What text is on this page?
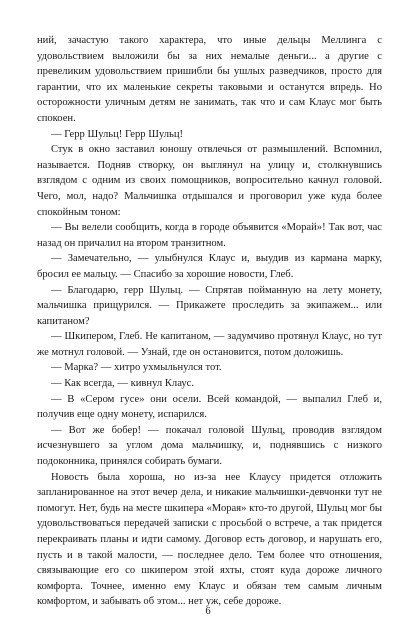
ний, зачастую такого характера, что иные дельцы Меллинга с удовольствием выложили бы за них немалые деньги... а другие с превеликим удовольствием пришибли бы ушлых разведчиков, просто для гарантии, что их маленькие секреты таковыми и останутся впредь. Но осторожности уличным детям не занимать, так что и сам Клаус мог быть спокоен.

— Герр Шульц! Герр Шульц!

Стук в окно заставил юношу отвлечься от размышлений. Вспомнил, называется. Подняв створку, он выглянул на улицу и, столкнувшись взглядом с одним из своих помощников, вопросительно качнул головой. Чего, мол, надо? Мальчишка отдышался и проговорил уже куда более спокойным тоном:

— Вы велели сообщить, когда в городе объявится «Морай»! Так вот, час назад он причалил на втором транзитном.

— Замечательно, — улыбнулся Клаус и, выудив из кармана марку, бросил ее мальцу. — Спасибо за хорошие новости, Глеб.

— Благодарю, герр Шульц. — Спрятав пойманную на лету монету, мальчишка прищурился. — Прикажете проследить за экипажем... или капитаном?

— Шкипером, Глеб. Не капитаном, — задумчиво протянул Клаус, но тут же мотнул головой. — Узнай, где он остановится, потом доложишь.

— Марка? — хитро ухмыльнулся тот.

— Как всегда, — кивнул Клаус.

— В «Сером гусе» они осели. Всей командой, — выпалил Глеб и, получив еще одну монету, испарился.

— Вот же бобер! — покачал головой Шульц, проводив взглядом исчезнувшего за углом дома мальчишку, и, поднявшись с низкого подоконника, принялся собирать бумаги.

Новость была хороша, но из-за нее Клаусу придется отложить запланированное на этот вечер дела, и никакие мальчишки-девчонки тут не помогут. Нет, будь на месте шкипера «Морая» кто-то другой, Шульц мог бы удовольствоваться передачей записки с просьбой о встрече, а так придется перекраивать планы и идти самому. Договор есть договор, и нарушать его, пусть и в такой малости, — последнее дело. Тем более что отношения, связывающие его со шкипером этой яхты, стоят куда дороже личного комфорта. Точнее, именно ему Клаус и обязан тем самым личным комфортом, и забывать об этом... нет уж, себе дороже.

6
